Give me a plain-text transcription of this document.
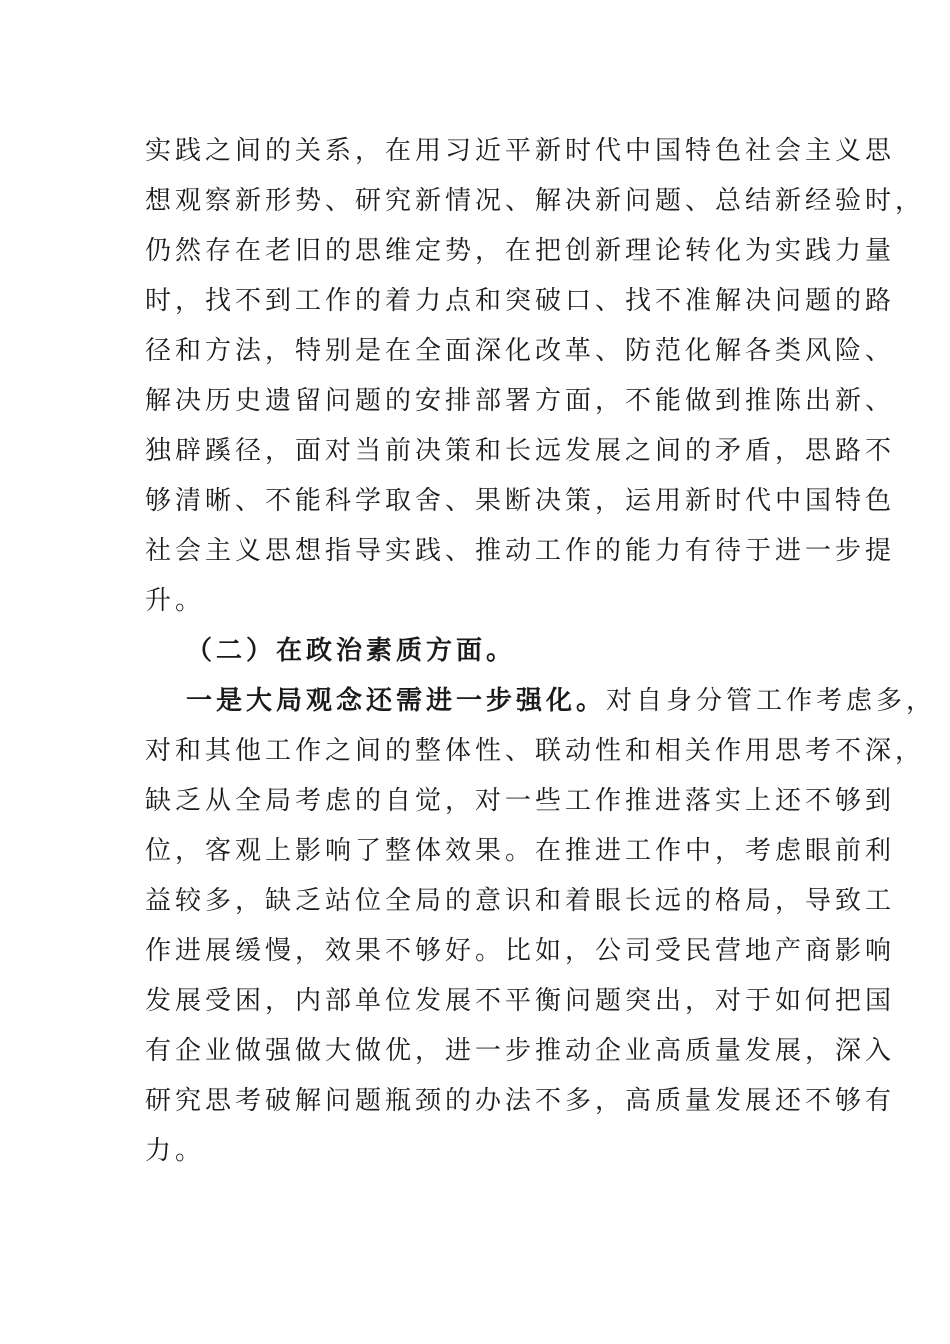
实践之间的关系，在用习近平新时代中国特色社会主义思
想观察新形势、研究新情况、解决新问题、总结新经验时，
仍然存在老旧的思维定势，在把创新理论转化为实践力量
时，找不到工作的着力点和突破口、找不准解决问题的路
径和方法，特别是在全面深化改革、防范化解各类风险、
解决历史遗留问题的安排部署方面，不能做到推陈出新、
独辟蹊径，面对当前决策和长远发展之间的矛盾，思路不
够清晰、不能科学取舍、果断决策，运用新时代中国特色
社会主义思想指导实践、推动工作的能力有待于进一步提
升。
（二）在政治素质方面。
一是大局观念还需进一步强化。对自身分管工作考虑多，
对和其他工作之间的整体性、联动性和相关作用思考不深，
缺乏从全局考虑的自觉，对一些工作推进落实上还不够到
位，客观上影响了整体效果。在推进工作中，考虑眼前利
益较多，缺乏站位全局的意识和着眼长远的格局，导致工
作进展缓慢，效果不够好。比如，公司受民营地产商影响
发展受困，内部单位发展不平衡问题突出，对于如何把国
有企业做强做大做优，进一步推动企业高质量发展，深入
研究思考破解问题瓶颈的办法不多，高质量发展还不够有
力。
